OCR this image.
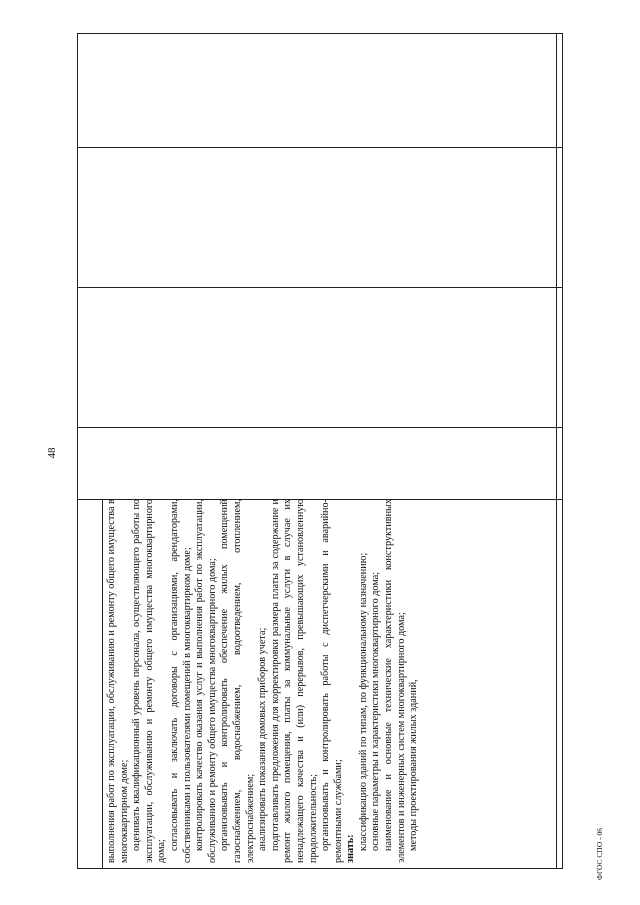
48

выполнения работ по эксплуатации, обслуживанию и ремонту общего имущества в многоквартирном доме; оценивать квалификационный уровень персонала, осуществляющего работы по эксплуатации, обслуживанию и ремонту общего имущества многоквартирного дома;

согласовывать и заключать договоры с организациями, арендаторами, собственниками и пользователями помещений в многоквартирном доме; контролировать качество оказания услуг и выполнения работ по эксплуатации, обслуживанию и ремонту общего имущества многоквартирного дома; организовывать и контролировать обеспечение жилых помещений газоснабжением, водоснабжением, водоотведением, отоплением, электроснабжением; анализировать показания домовых приборов учета; подготавливать предложения для корректировки размера платы за содержание и ремонт жилого помещения, платы за коммунальные услуги в случае их ненадлежащего качества и (или) перерывов, превышающих установленную продолжительность; организовывать и контролировать работы с диспетчерскими и аварийно-ремонтными службами; знать: классификацию зданий по типам, по функциональному назначению; основные параметры и характеристики многоквартирного дома; наименование и основные технические характеристики конструктивных элементов и инженерных систем многоквартирного дома; методы проектирования жилых зданий,

ФГОС СПО - 06
